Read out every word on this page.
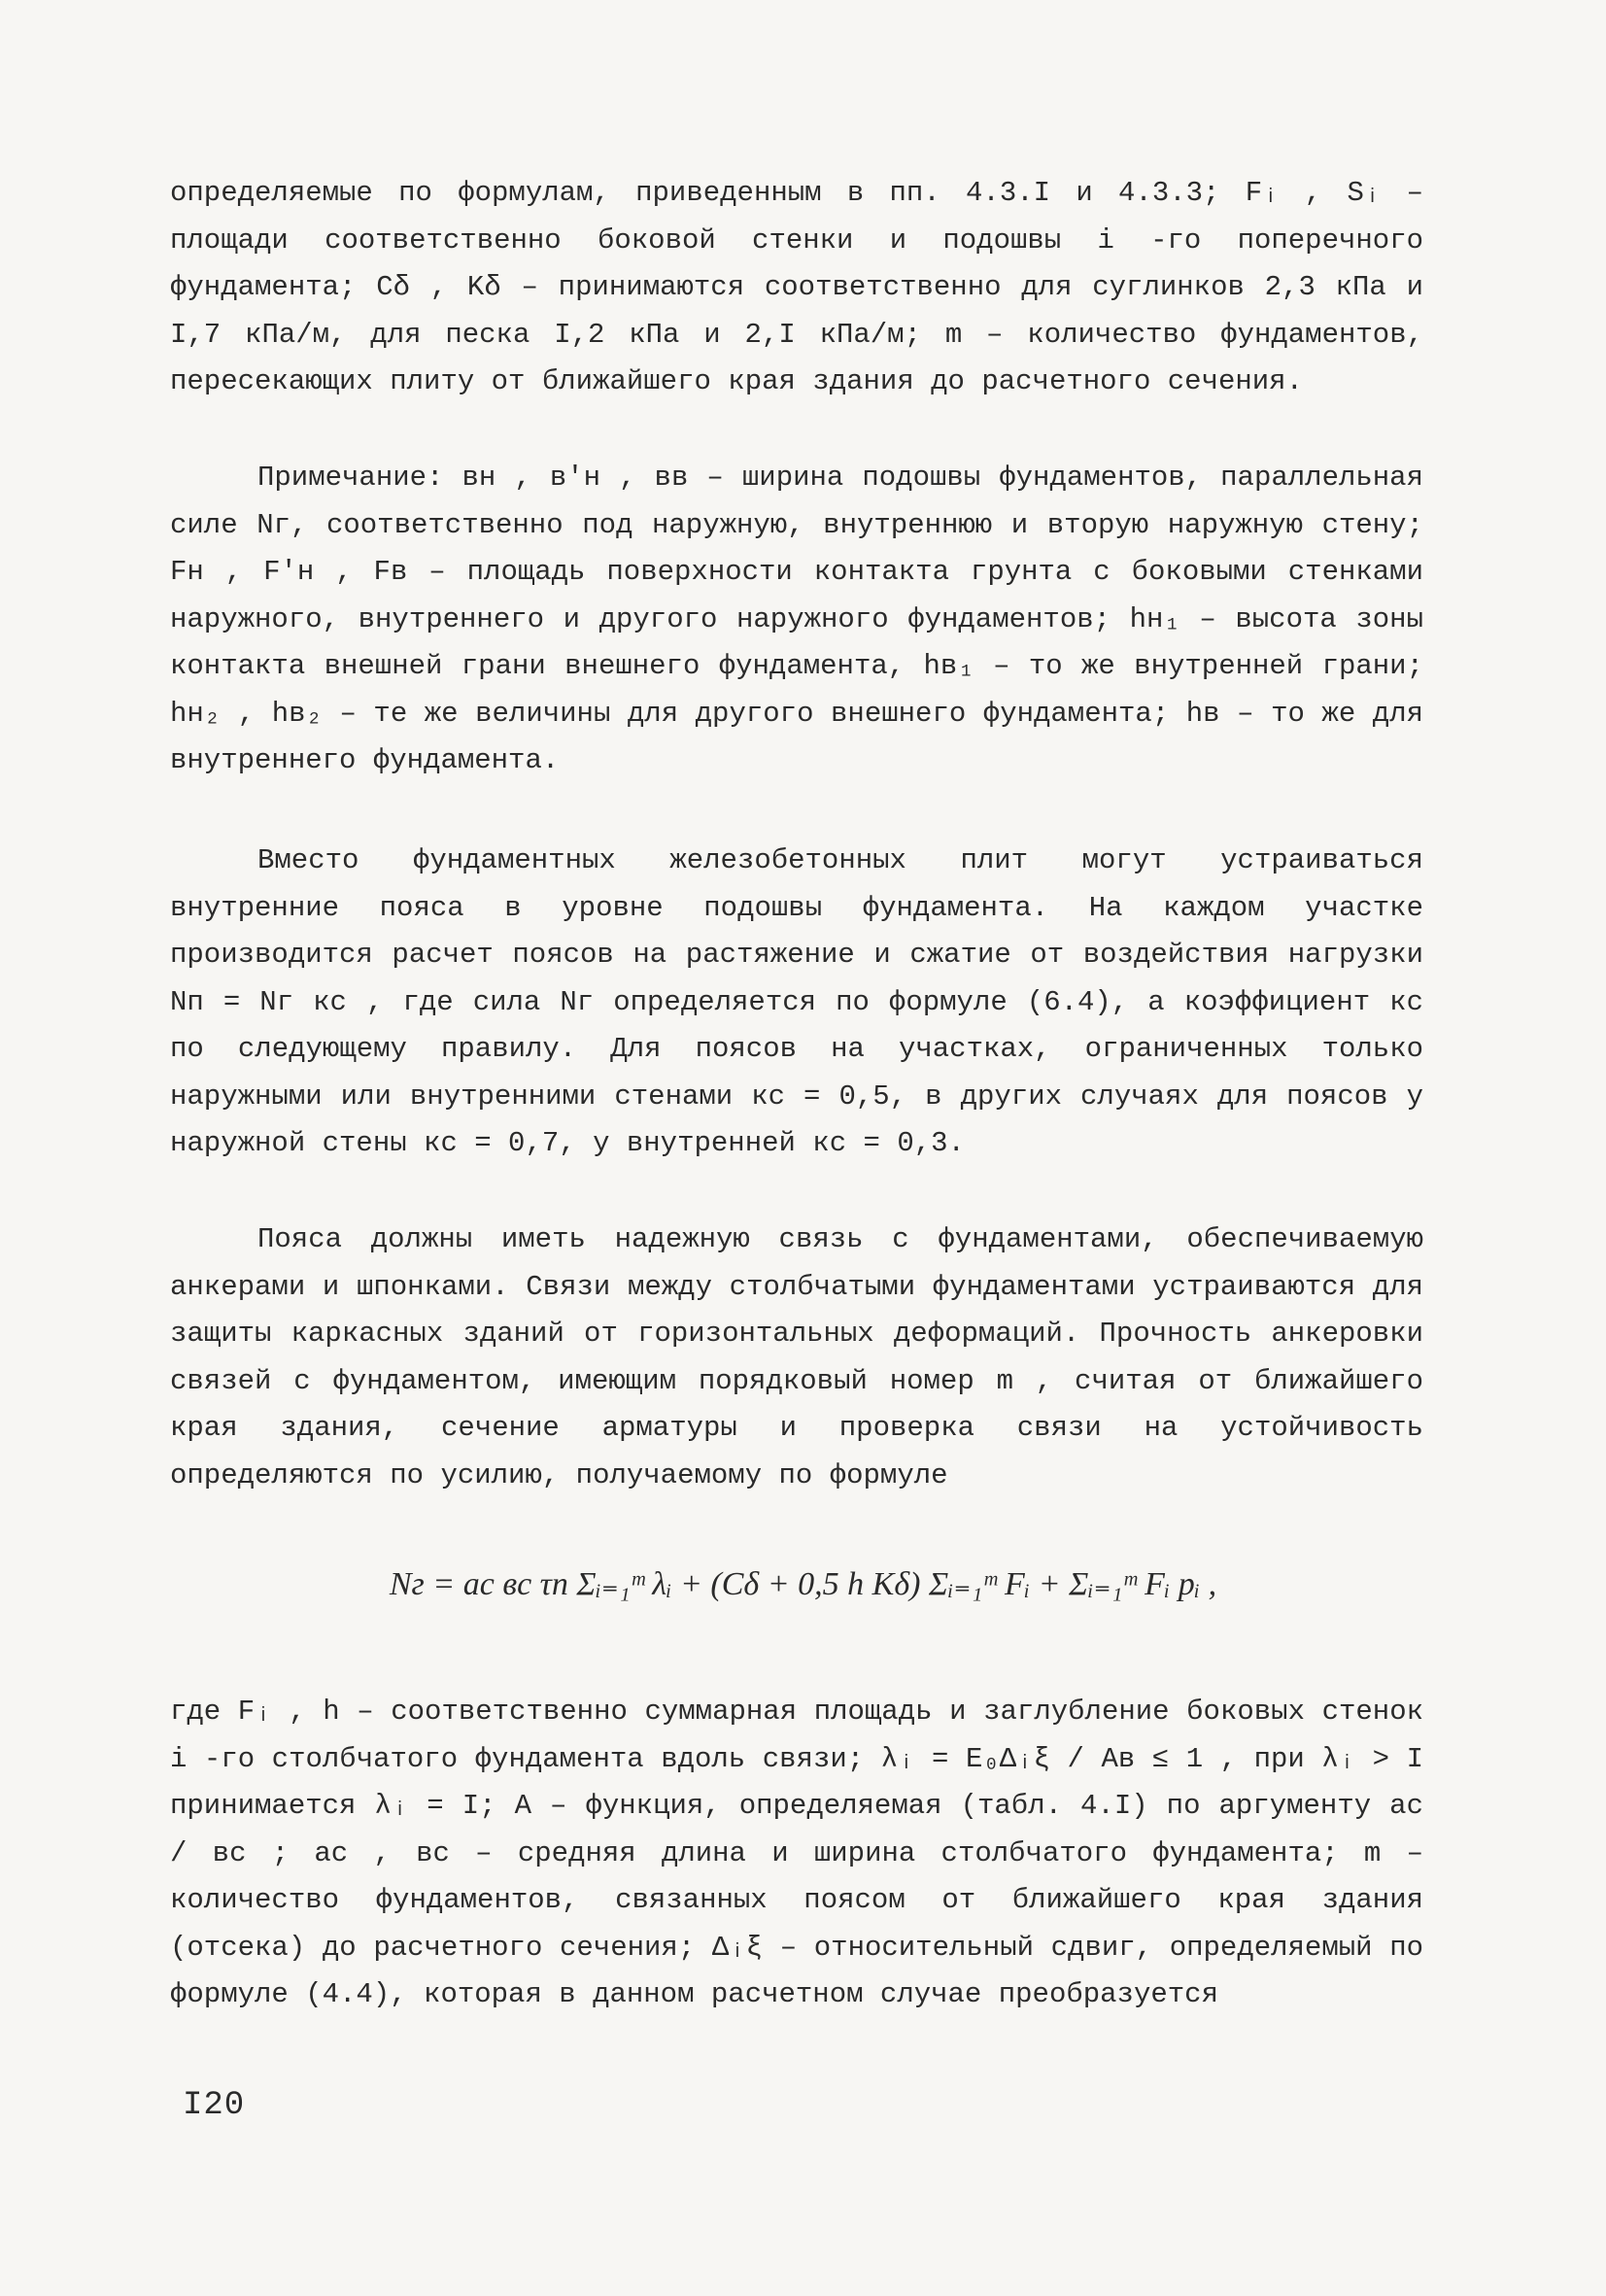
определяемые по формулам, приведенным в пп. 4.3.I и 4.3.3; Fᵢ , Sᵢ – площади соответственно боковой стенки и подошвы i -го поперечного фундамента; Cδ , Kδ – принимаются соответственно для суглинков 2,3 кПа и I,7 кПа/м, для песка I,2 кПа и 2,I кПа/м; m – количество фундаментов, пересекающих плиту от ближайшего края здания до расчетного сечения.

Примечание: вн , в′н , вв – ширина подошвы фундаментов, параллельная силе Nг, соответственно под наружную, внутреннюю и вторую наружную стену; Fн , F′н , Fв – площадь поверхности контакта грунта с боковыми стенками наружного, внутреннего и другого наружного фундаментов; hн₁ – высота зоны контакта внешней грани внешнего фундамента, hв₁ – то же внутренней грани; hн₂ , hв₂ – те же величины для другого внешнего фундамента; hв – то же для внутреннего фундамента.

Вместо фундаментных железобетонных плит могут устраиваться внутренние пояса в уровне подошвы фундамента. На каждом участке производится расчет поясов на растяжение и сжатие от воздействия нагрузки Nп = Nг кс , где сила Nг определяется по формуле (6.4), а коэффициент кс по следующему правилу. Для поясов на участках, ограниченных только наружными или внутренними стенами кс = 0,5, в других случаях для поясов у наружной стены кс = 0,7, у внутренней кс = 0,3.

Пояса должны иметь надежную связь с фундаментами, обеспечиваемую анкерами и шпонками. Связи между столбчатыми фундаментами устраиваются для защиты каркасных зданий от горизонтальных деформаций. Прочность анкеровки связей с фундаментом, имеющим порядковый номер m , считая от ближайшего края здания, сечение арматуры и проверка связи на устойчивость определяются по усилию, получаемому по формуле

Nг = ac вc τп Σᵢ₌₁ᵐ λᵢ + (Cδ + 0,5 h Kδ) Σᵢ₌₁ᵐ Fᵢ + Σᵢ₌₁ᵐ Fᵢ pᵢ ,

где Fᵢ , h – соответственно суммарная площадь и заглубление боковых стенок i -го столбчатого фундамента вдоль связи; λᵢ = E₀Δᵢξ / Aв ≤ 1 , при λᵢ > I принимается λᵢ = I; A – функция, определяемая (табл. 4.I) по аргументу ac / вc ; ac , вc – средняя длина и ширина столбчатого фундамента; m – количество фундаментов, связанных поясом от ближайшего края здания (отсека) до расчетного сечения; Δᵢξ – относительный сдвиг, определяемый по формуле (4.4), которая в данном расчетном случае преобразуется

I20
